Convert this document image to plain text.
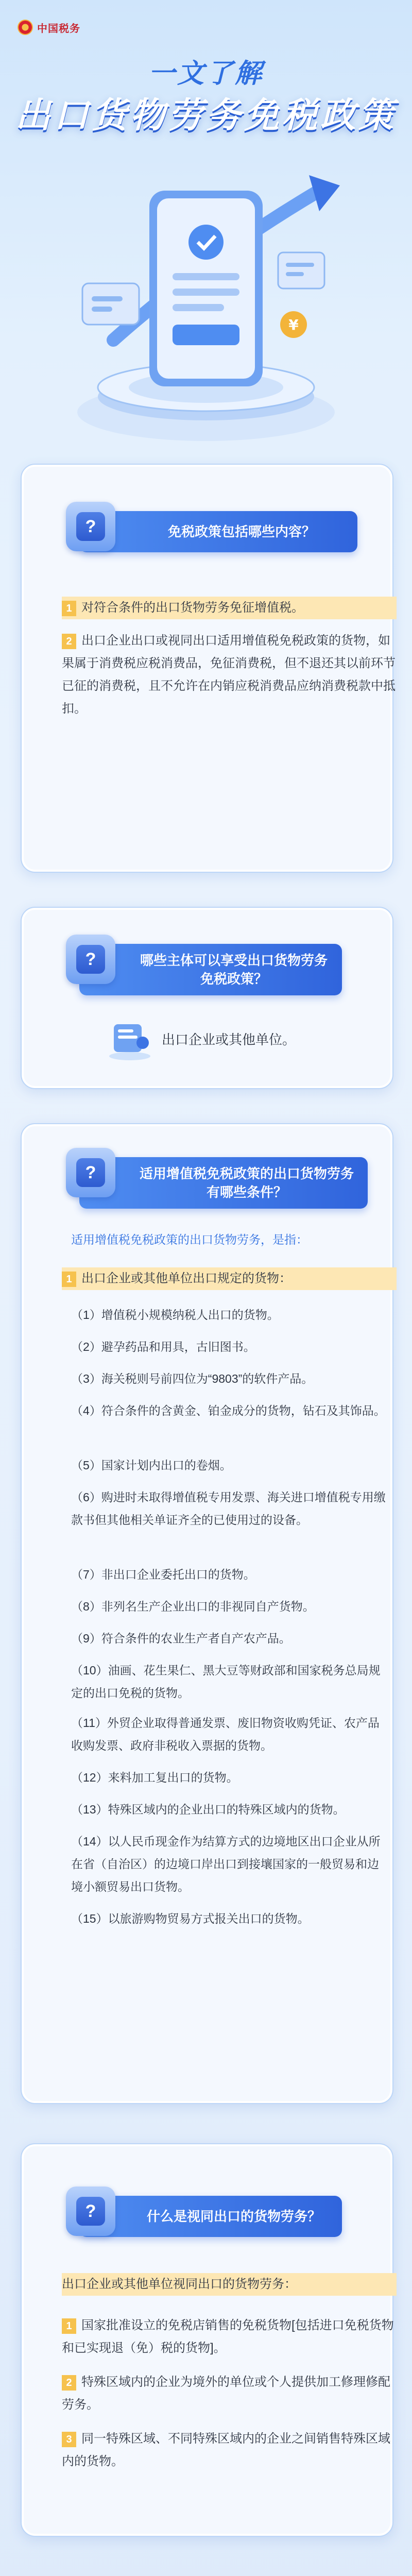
中国税务
一文了解
出口货物劳务免税政策
¥
?	免税政策包括哪些内容？
1 对符合条件的出口货物劳务免征增值税。
2 出口企业出口或视同出口适用增值税免税政策的货物，如果属于消费税应税消费品，免征消费税，但不退还其以前环节已征的消费税，且不允许在内销应税消费品应纳消费税款中抵扣。
?	哪些主体可以享受出口货物劳务免税政策？
出口企业或其他单位。
?	适用增值税免税政策的出口货物劳务有哪些条件？
适用增值税免税政策的出口货物劳务，是指：
1 出口企业或其他单位出口规定的货物：
（1）增值税小规模纳税人出口的货物。
（2）避孕药品和用具，古旧图书。
（3）海关税则号前四位为“9803”的软件产品。
（4）符合条件的含黄金、铂金成分的货物，钻石及其饰品。
（5）国家计划内出口的卷烟。
（6）购进时未取得增值税专用发票、海关进口增值税专用缴款书但其他相关单证齐全的已使用过的设备。
（7）非出口企业委托出口的货物。
（8）非列名生产企业出口的非视同自产货物。
（9）符合条件的农业生产者自产农产品。
（10）油画、花生果仁、黑大豆等财政部和国家税务总局规定的出口免税的货物。
（11）外贸企业取得普通发票、废旧物资收购凭证、农产品收购发票、政府非税收入票据的货物。
（12）来料加工复出口的货物。
（13）特殊区域内的企业出口的特殊区域内的货物。
（14）以人民币现金作为结算方式的边境地区出口企业从所在省（自治区）的边境口岸出口到接壤国家的一般贸易和边境小额贸易出口货物。
（15）以旅游购物贸易方式报关出口的货物。
?	什么是视同出口的货物劳务？
出口企业或其他单位视同出口的货物劳务：
1 国家批准设立的免税店销售的免税货物[包括进口免税货物和已实现退（免）税的货物]。
2 特殊区域内的企业为境外的单位或个人提供加工修理修配劳务。
3 同一特殊区域、不同特殊区域内的企业之间销售特殊区域内的货物。
